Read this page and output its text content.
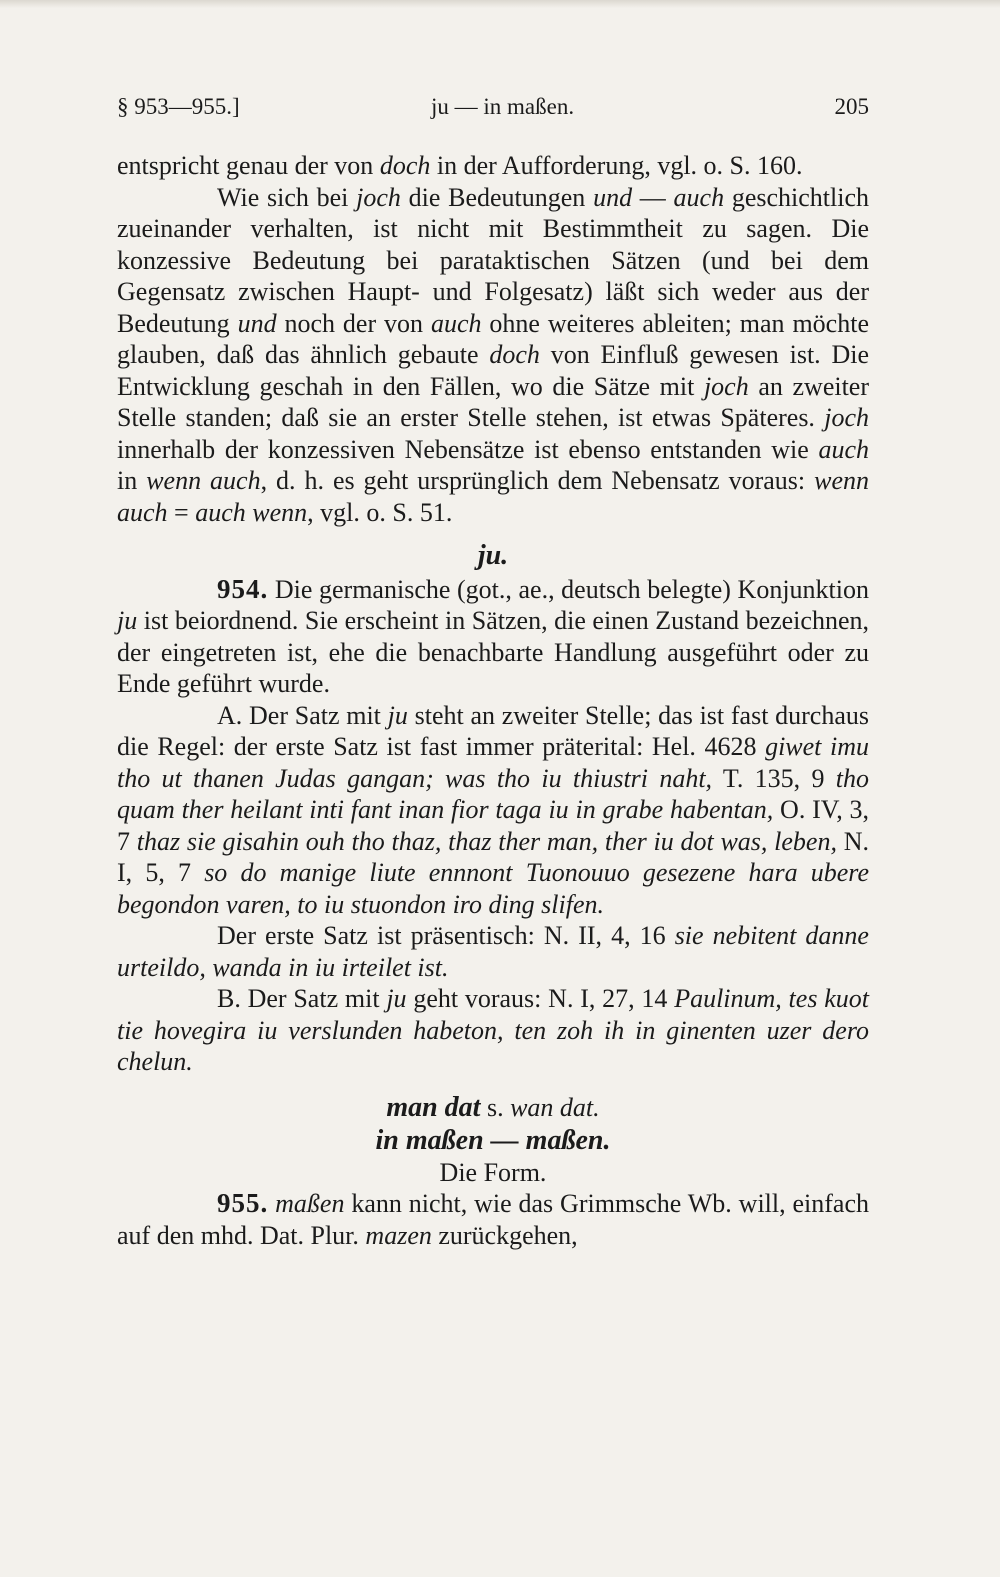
§ 953—955.]	ju — in maßen.	205

entspricht genau der von doch in der Aufforderung, vgl. o. S. 160.

Wie sich bei joch die Bedeutungen und — auch geschichtlich zueinander verhalten, ist nicht mit Bestimmtheit zu sagen. Die konzessive Bedeutung bei parataktischen Sätzen (und bei dem Gegensatz zwischen Haupt- und Folgesatz) läßt sich weder aus der Bedeutung und noch der von auch ohne weiteres ableiten; man möchte glauben, daß das ähnlich gebaute doch von Einfluß gewesen ist. Die Entwicklung geschah in den Fällen, wo die Sätze mit joch an zweiter Stelle standen; daß sie an erster Stelle stehen, ist etwas Späteres. joch innerhalb der konzessiven Nebensätze ist ebenso entstanden wie auch in wenn auch, d. h. es geht ursprünglich dem Nebensatz voraus: wenn auch = auch wenn, vgl. o. S. 51.

ju.

954. Die germanische (got., ae., deutsch belegte) Konjunktion ju ist beiordnend. Sie erscheint in Sätzen, die einen Zustand bezeichnen, der eingetreten ist, ehe die benachbarte Handlung ausgeführt oder zu Ende geführt wurde.

A. Der Satz mit ju steht an zweiter Stelle; das ist fast durchaus die Regel: der erste Satz ist fast immer präterital: Hel. 4628 giwet imu tho ut thanen Judas gangan; was tho iu thiustri naht, T. 135, 9 tho quam ther heilant inti fant inan fior taga iu in grabe habentan, O. IV, 3, 7 thaz sie gisahin ouh tho thaz, thaz ther man, ther iu dot was, leben, N. I, 5, 7 so do manige liute ennnont Tuonouuo gesezene hara ubere begondon varen, to iu stuondon iro ding slifen.

Der erste Satz ist präsentisch: N. II, 4, 16 sie nebitent danne urteildo, wanda in iu irteilet ist.

B. Der Satz mit ju geht voraus: N. I, 27, 14 Paulinum, tes kuot tie hovegira iu verslunden habeton, ten zoh ih in ginenten uzer dero chelun.

man dat s. wan dat.

in maßen — maßen.

Die Form.

955. maßen kann nicht, wie das Grimmsche Wb. will, einfach auf den mhd. Dat. Plur. mazen zurückgehen,
